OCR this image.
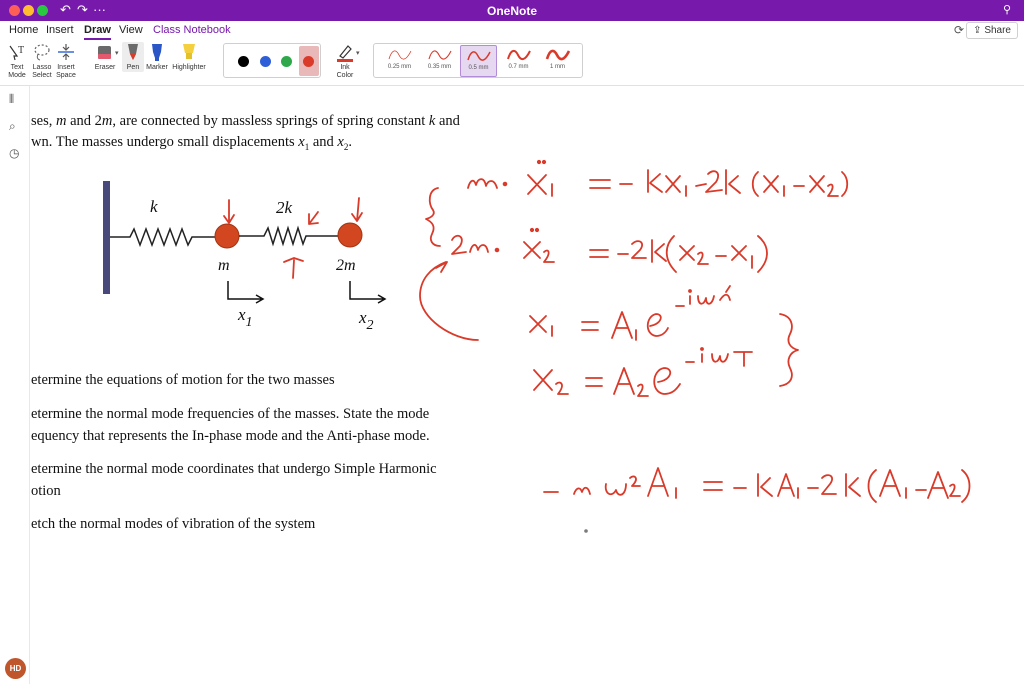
↶ ↷ ···	OneNote	⚲
Home Insert Draw View Class Notebook	⟳ ⇪ Share
T
Text
Mode
Lasso
Select
Insert
Space
Eraser
▾
Pen Marker Highlighter	Ink
Color
▾
0.25 mm	0.35 mm	0.5 mm	0.7 mm	1 mm
⫴
⌕
◷
HD
ses, m and 2m, are connected by massless springs of spring constant k and
wn. The masses undergo small displacements $x_1$ and $x_2$.
etermine the equations of motion for the two masses
etermine the normal mode frequencies of the masses. State the mode
equency that represents the In-phase mode and the Anti-phase mode.
etermine the normal mode coordinates that undergo Simple Harmonic
otion
etch the normal modes of vibration of the system
k	2k
m	2m
$x_1$	$x_2$
